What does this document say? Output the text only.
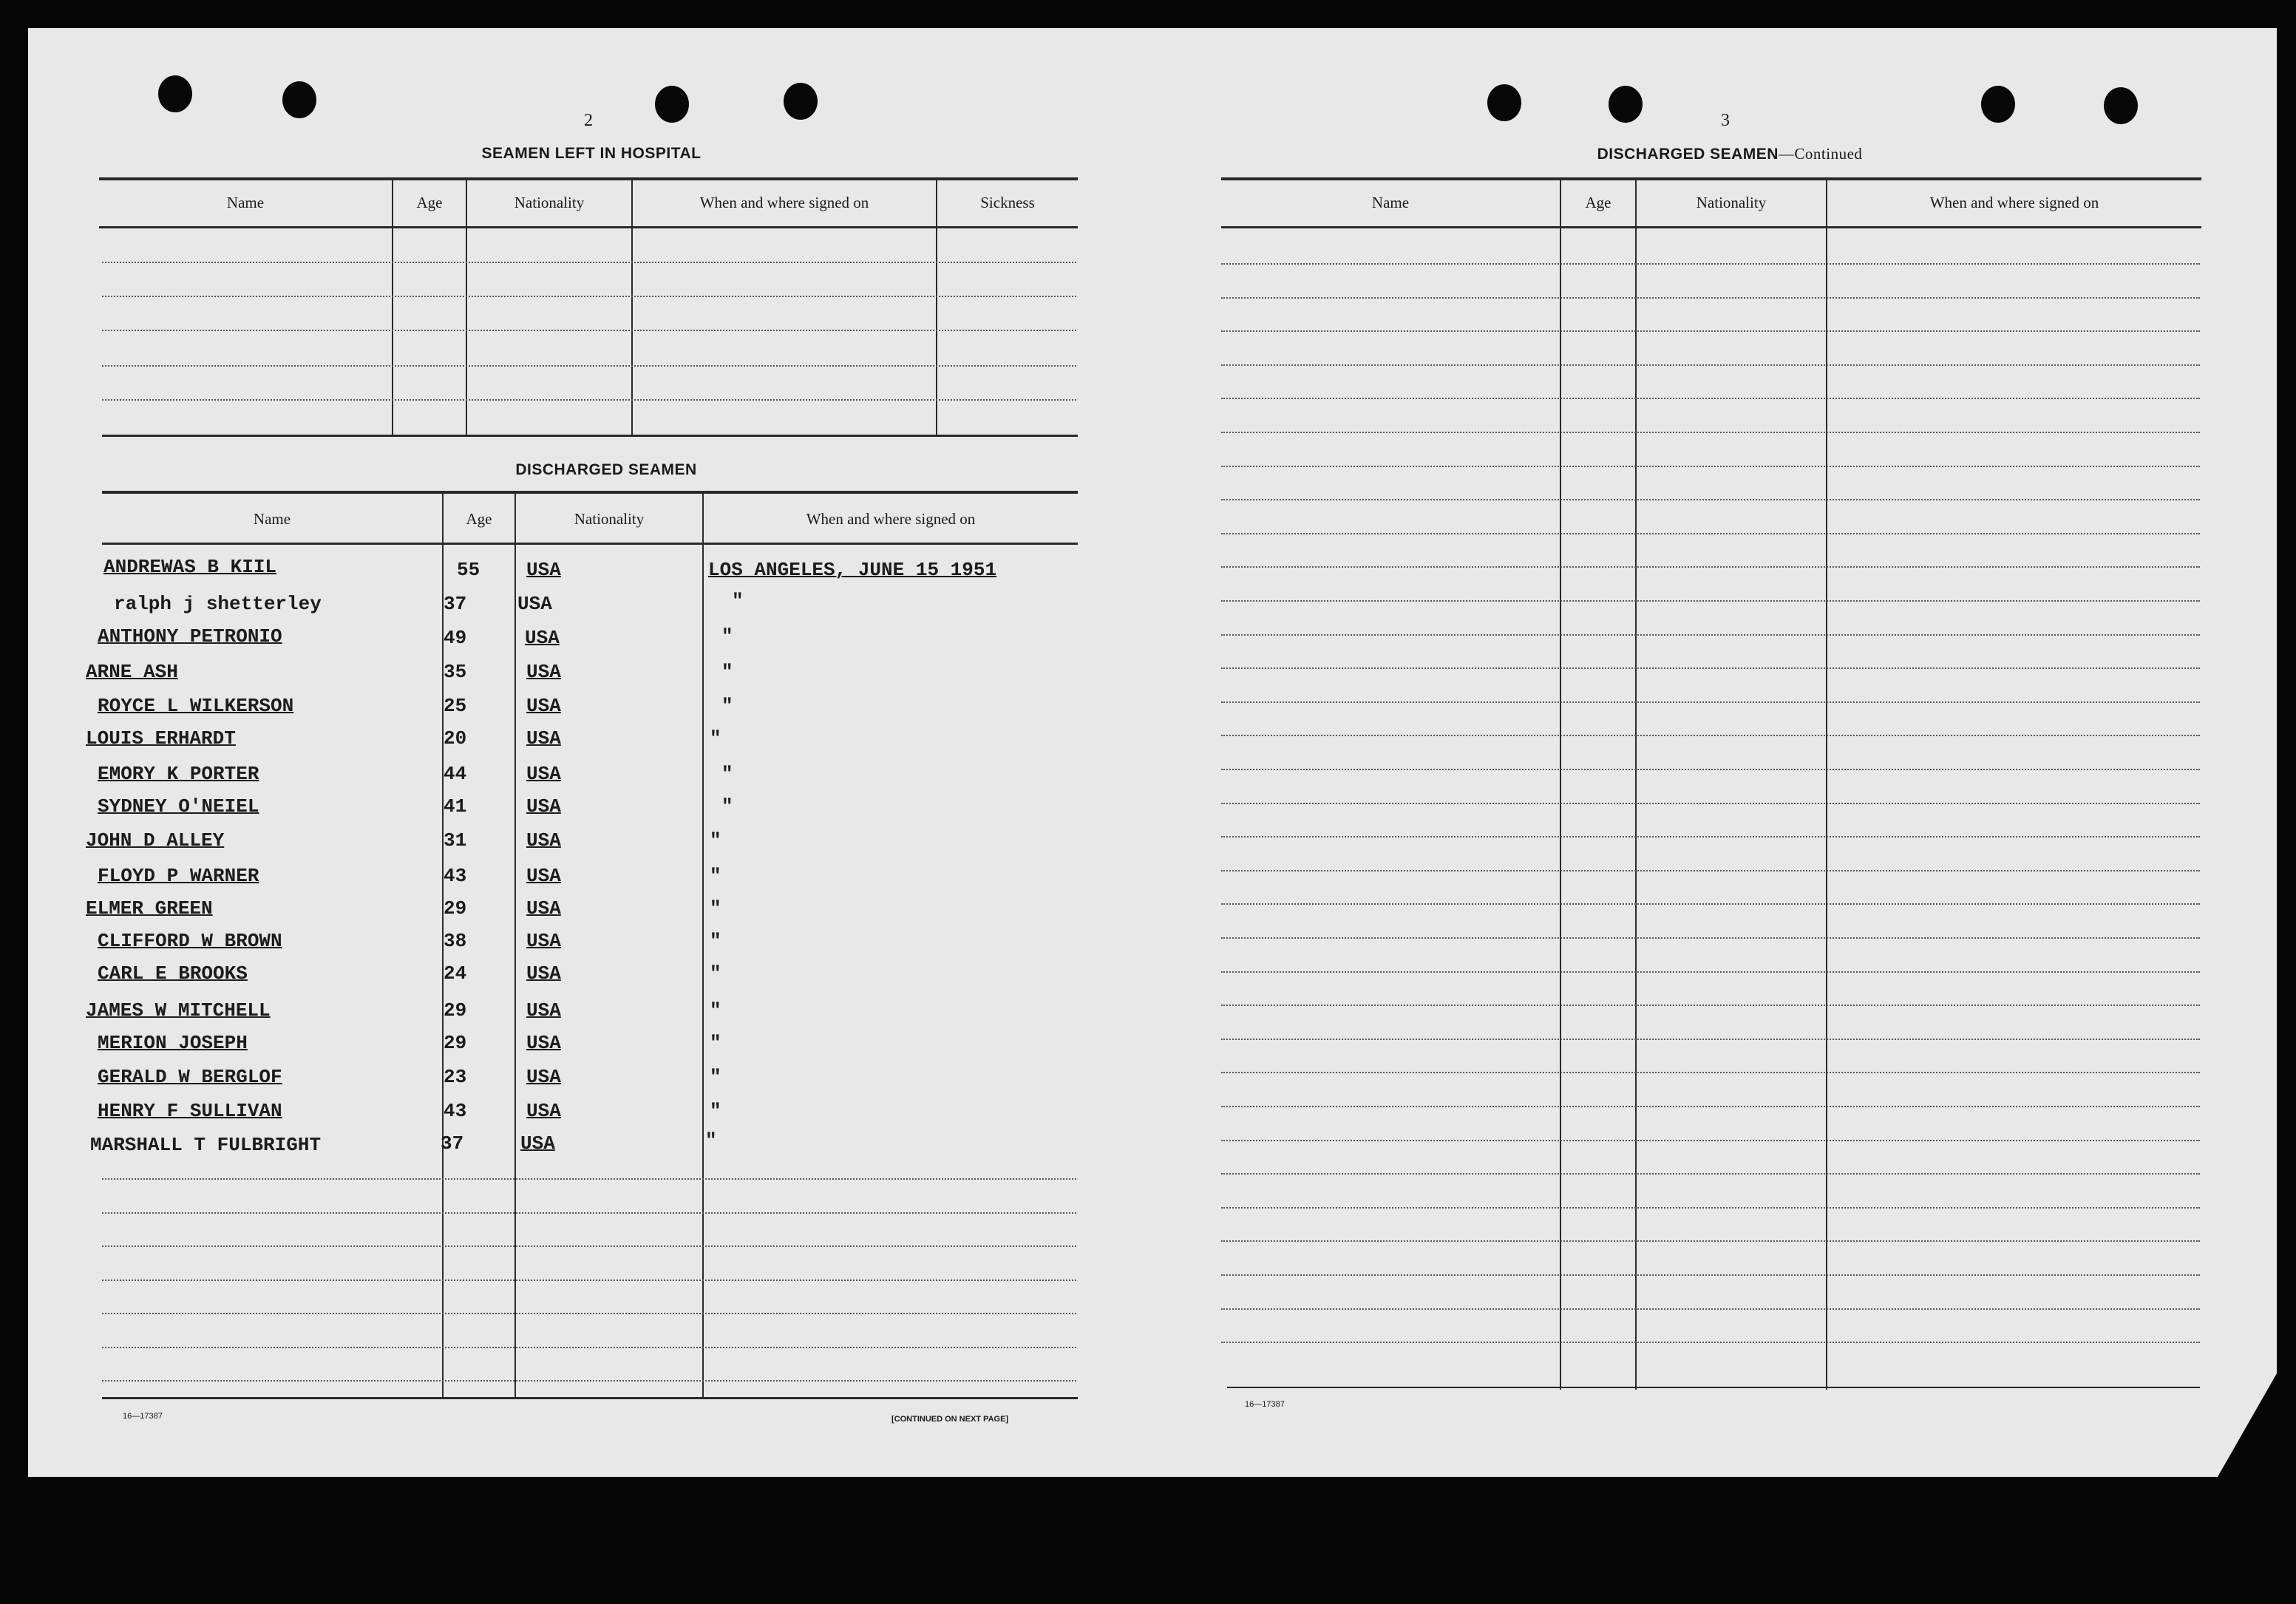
2
SEAMEN LEFT IN HOSPITAL
Name	Age	Nationality	When and where signed on	Sickness
DISCHARGED SEAMEN
Name	Age	Nationality	When and where signed on
ANDREWAS B KIIL	55 USA	LOS ANGELES, JUNE 15 1951
ralph j shetterley	37	USA	"
ANTHONY PETRONIO	49	USA	"
ARNE ASH	35	USA	"
ROYCE L WILKERSON	25	USA	"
LOUIS ERHARDT	20	USA	"
EMORY K PORTER	44	USA	"
SYDNEY O'NEIEL	41	USA	"
JOHN D ALLEY	31	USA	"
FLOYD P WARNER	43	USA	"
ELMER GREEN	29	USA	"
CLIFFORD W BROWN	38	USA	"
CARL E BROOKS	24	USA	"
JAMES W MITCHELL	29	USA	"
MERION JOSEPH	29	USA	"
GERALD W BERGLOF	23	USA	"
HENRY F SULLIVAN	43	USA	"
MARSHALL T FULBRIGHT	37	USA	"
16—17387	[CONTINUED ON NEXT PAGE]
3
DISCHARGED SEAMEN—Continued
Name	Age	Nationality	When and where signed on
16—17387
